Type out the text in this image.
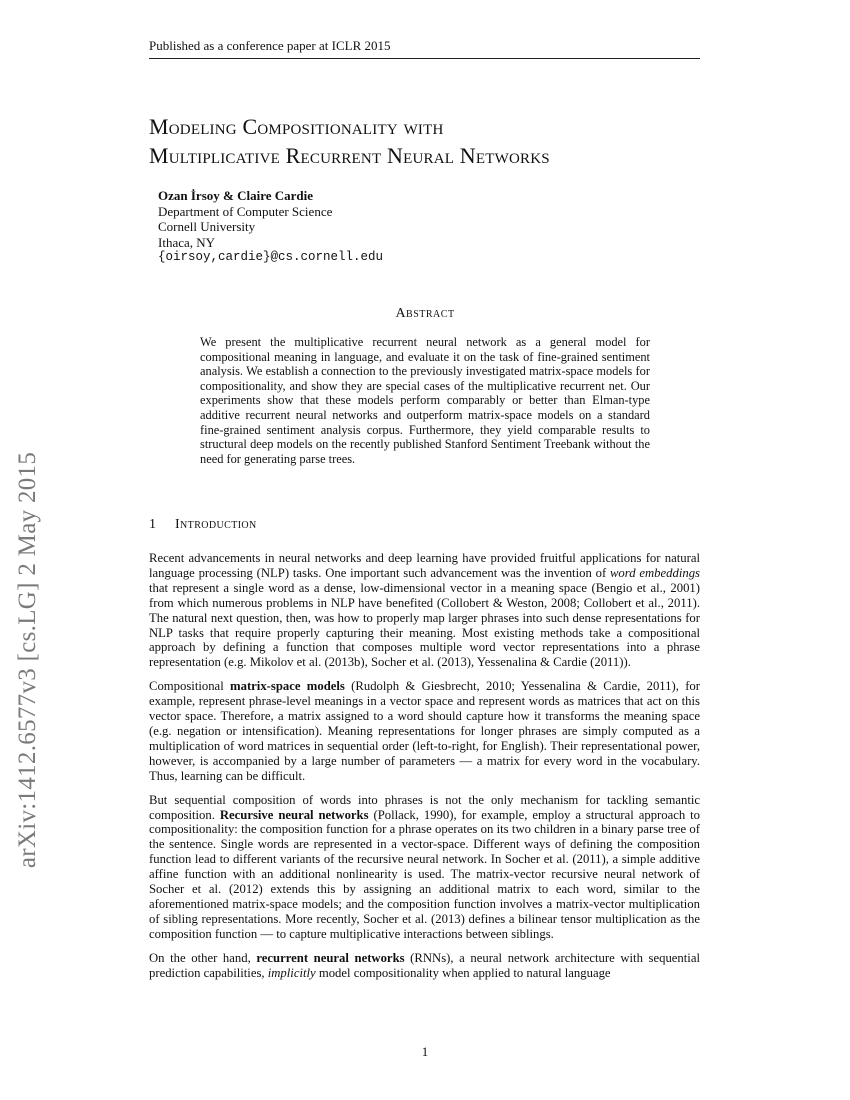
Published as a conference paper at ICLR 2015
Modeling Compositionality with
Multiplicative Recurrent Neural Networks
Ozan İrsoy & Claire Cardie
Department of Computer Science
Cornell University
Ithaca, NY
{oirsoy,cardie}@cs.cornell.edu
arXiv:1412.6577v3 [cs.LG] 2 May 2015
Abstract
We present the multiplicative recurrent neural network as a general model for compositional meaning in language, and evaluate it on the task of fine-grained sentiment analysis. We establish a connection to the previously investigated matrix-space models for compositionality, and show they are special cases of the multiplicative recurrent net. Our experiments show that these models perform comparably or better than Elman-type additive recurrent neural networks and outperform matrix-space models on a standard fine-grained sentiment analysis corpus. Furthermore, they yield comparable results to structural deep models on the recently published Stanford Sentiment Treebank without the need for generating parse trees.
1 Introduction

Recent advancements in neural networks and deep learning have provided fruitful applications for natural language processing (NLP) tasks. One important such advancement was the invention of word embeddings that represent a single word as a dense, low-dimensional vector in a meaning space (Bengio et al., 2001) from which numerous problems in NLP have benefited (Collobert & Weston, 2008; Collobert et al., 2011). The natural next question, then, was how to properly map larger phrases into such dense representations for NLP tasks that require properly capturing their meaning. Most existing methods take a compositional approach by defining a function that composes multiple word vector representations into a phrase representation (e.g. Mikolov et al. (2013b), Socher et al. (2013), Yessenalina & Cardie (2011)).

Compositional matrix-space models (Rudolph & Giesbrecht, 2010; Yessenalina & Cardie, 2011), for example, represent phrase-level meanings in a vector space and represent words as matrices that act on this vector space. Therefore, a matrix assigned to a word should capture how it transforms the meaning space (e.g. negation or intensification). Meaning representations for longer phrases are simply computed as a multiplication of word matrices in sequential order (left-to-right, for English). Their representational power, however, is accompanied by a large number of parameters — a matrix for every word in the vocabulary. Thus, learning can be difficult.

But sequential composition of words into phrases is not the only mechanism for tackling semantic composition. Recursive neural networks (Pollack, 1990), for example, employ a structural approach to compositionality: the composition function for a phrase operates on its two children in a binary parse tree of the sentence. Single words are represented in a vector-space. Different ways of defining the composition function lead to different variants of the recursive neural network. In Socher et al. (2011), a simple additive affine function with an additional nonlinearity is used. The matrix-vector recursive neural network of Socher et al. (2012) extends this by assigning an additional matrix to each word, similar to the aforementioned matrix-space models; and the composition function involves a matrix-vector multiplication of sibling representations. More recently, Socher et al. (2013) defines a bilinear tensor multiplication as the composition function — to capture multiplicative interactions between siblings.

On the other hand, recurrent neural networks (RNNs), a neural network architecture with sequential prediction capabilities, implicitly model compositionality when applied to natural language

1
